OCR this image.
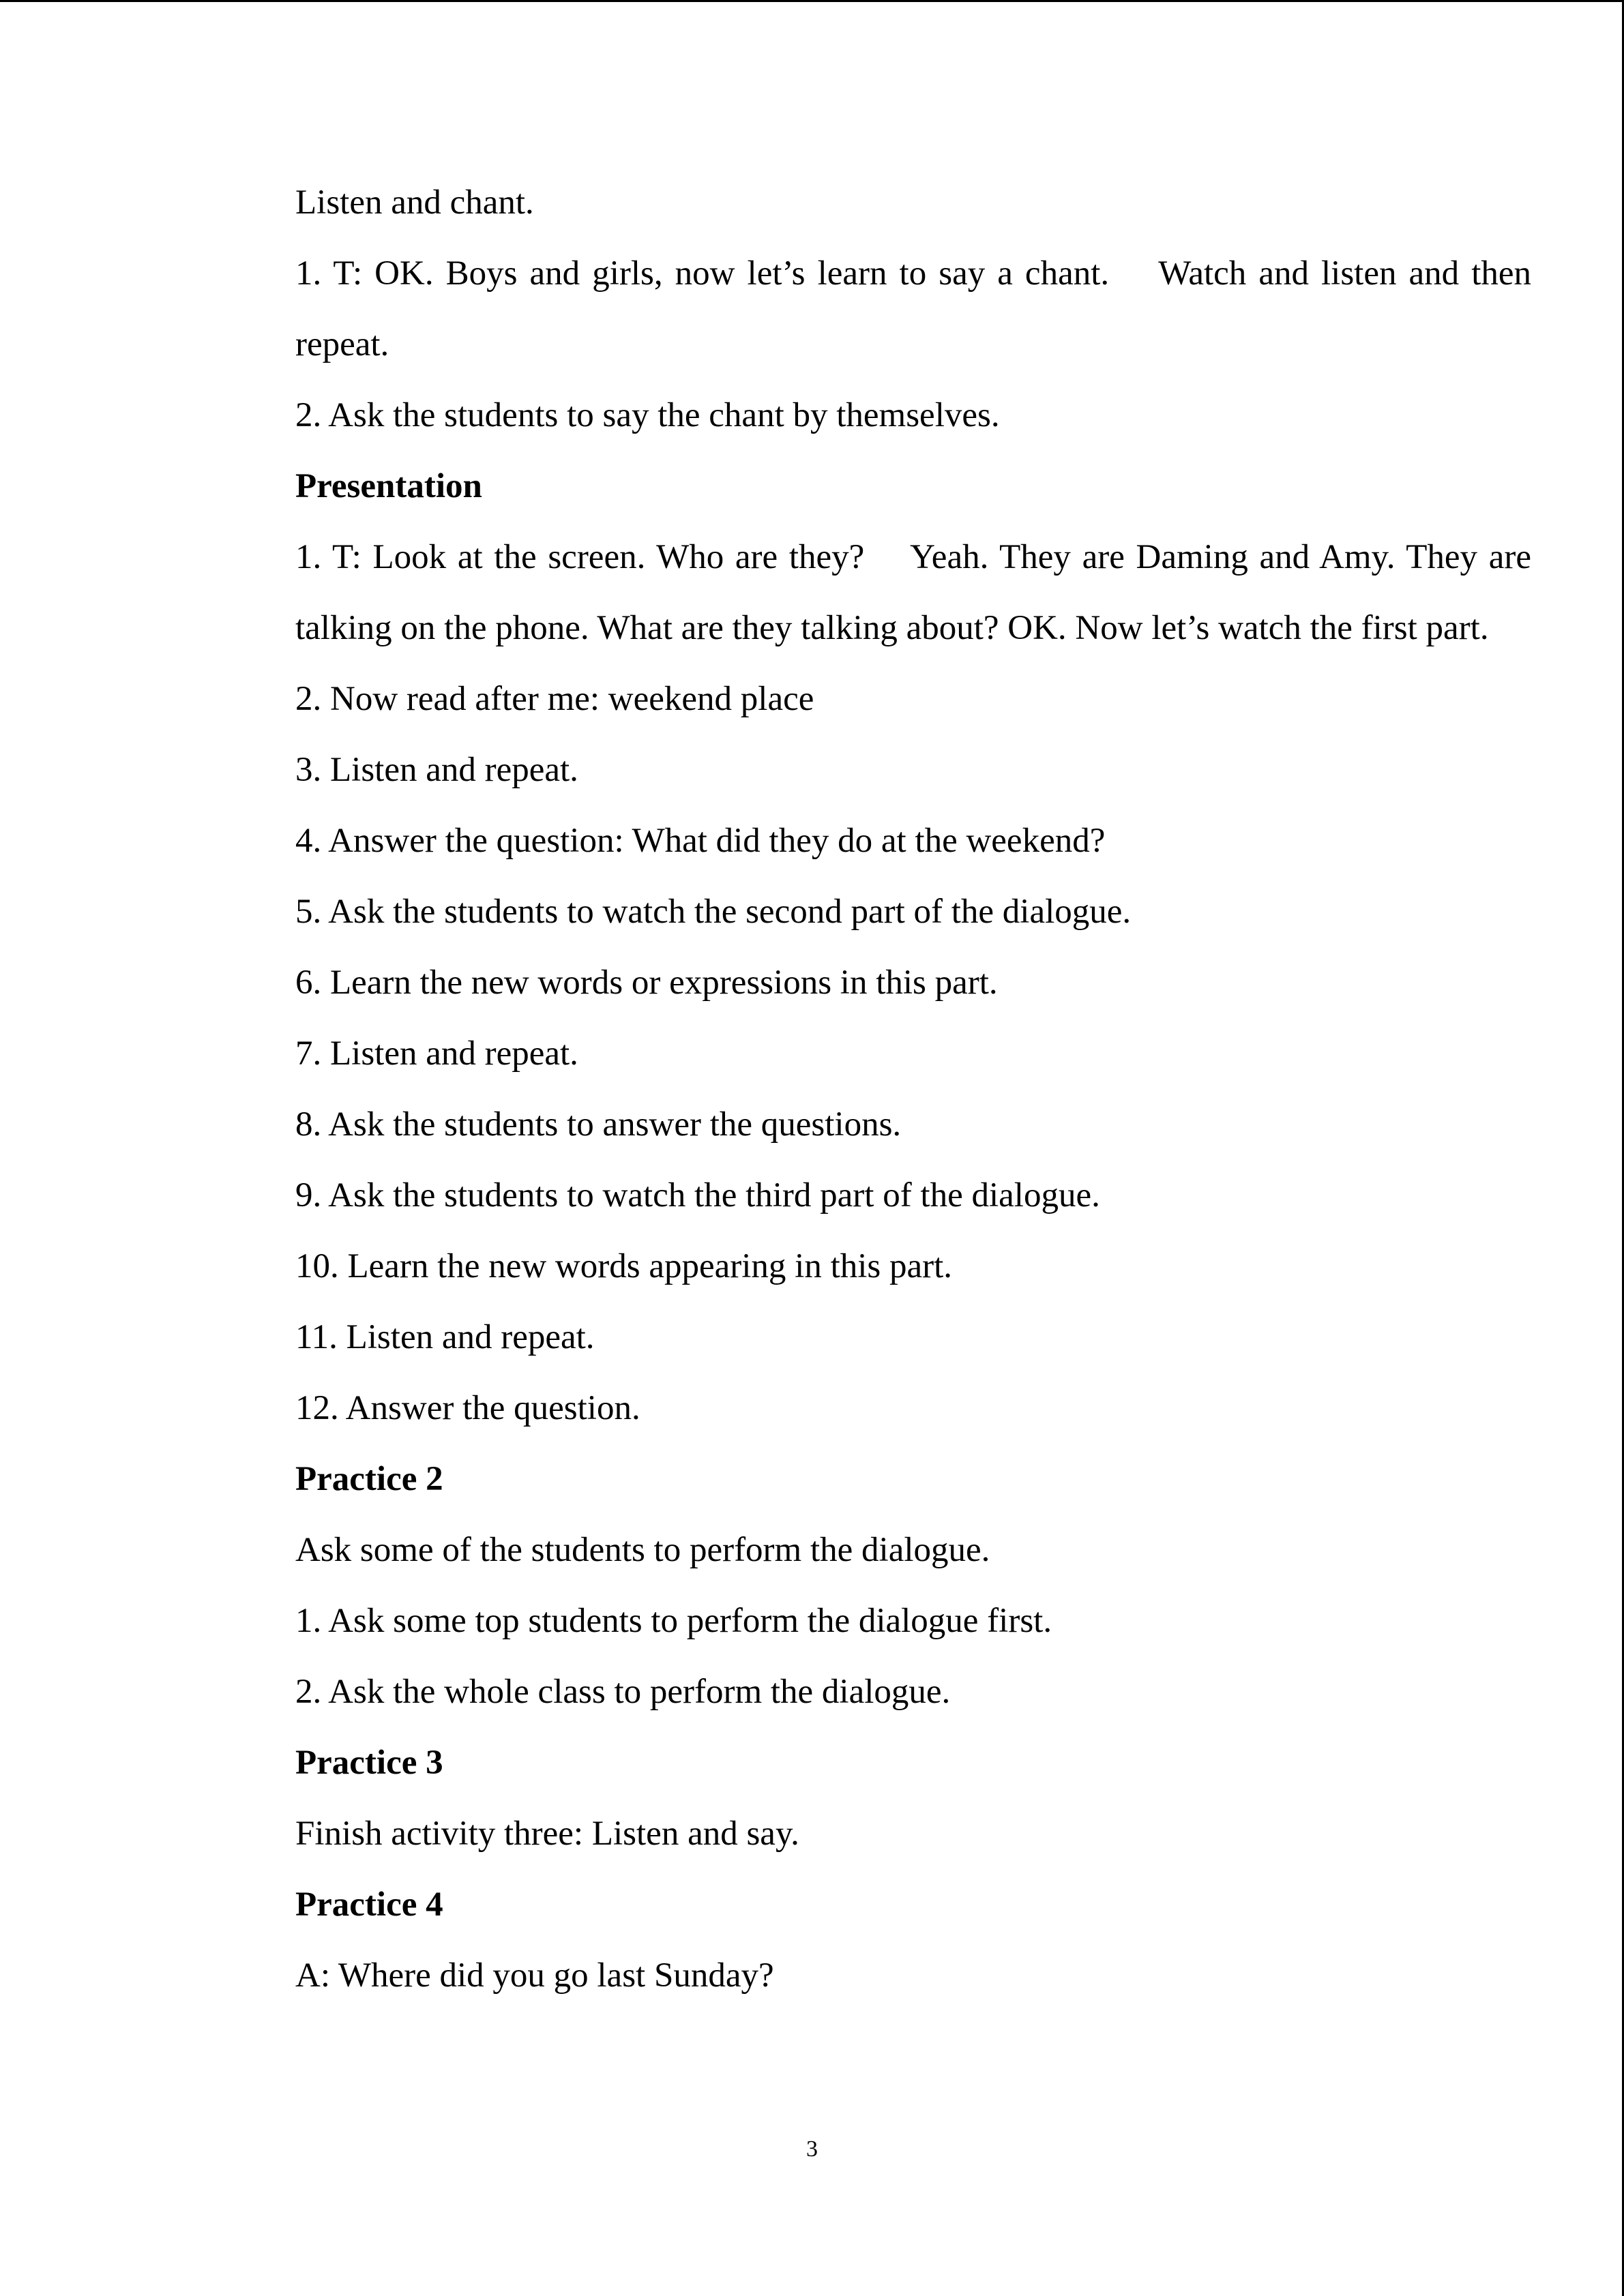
Listen and chant.

1. T: OK. Boys and girls, now let’s learn to say a chant.    Watch and listen and then repeat.

2. Ask the students to say the chant by themselves.

Presentation

1. T: Look at the screen. Who are they?    Yeah. They are Daming and Amy. They are talking on the phone. What are they talking about? OK. Now let’s watch the first part.

2. Now read after me: weekend place

3. Listen and repeat.

4. Answer the question: What did they do at the weekend?

5. Ask the students to watch the second part of the dialogue.

6. Learn the new words or expressions in this part.

7. Listen and repeat.

8. Ask the students to answer the questions.

9. Ask the students to watch the third part of the dialogue.

10. Learn the new words appearing in this part.

11. Listen and repeat.

12. Answer the question.

Practice 2

Ask some of the students to perform the dialogue.

1. Ask some top students to perform the dialogue first.

2. Ask the whole class to perform the dialogue.

Practice 3

Finish activity three: Listen and say.

Practice 4

A: Where did you go last Sunday?

3
